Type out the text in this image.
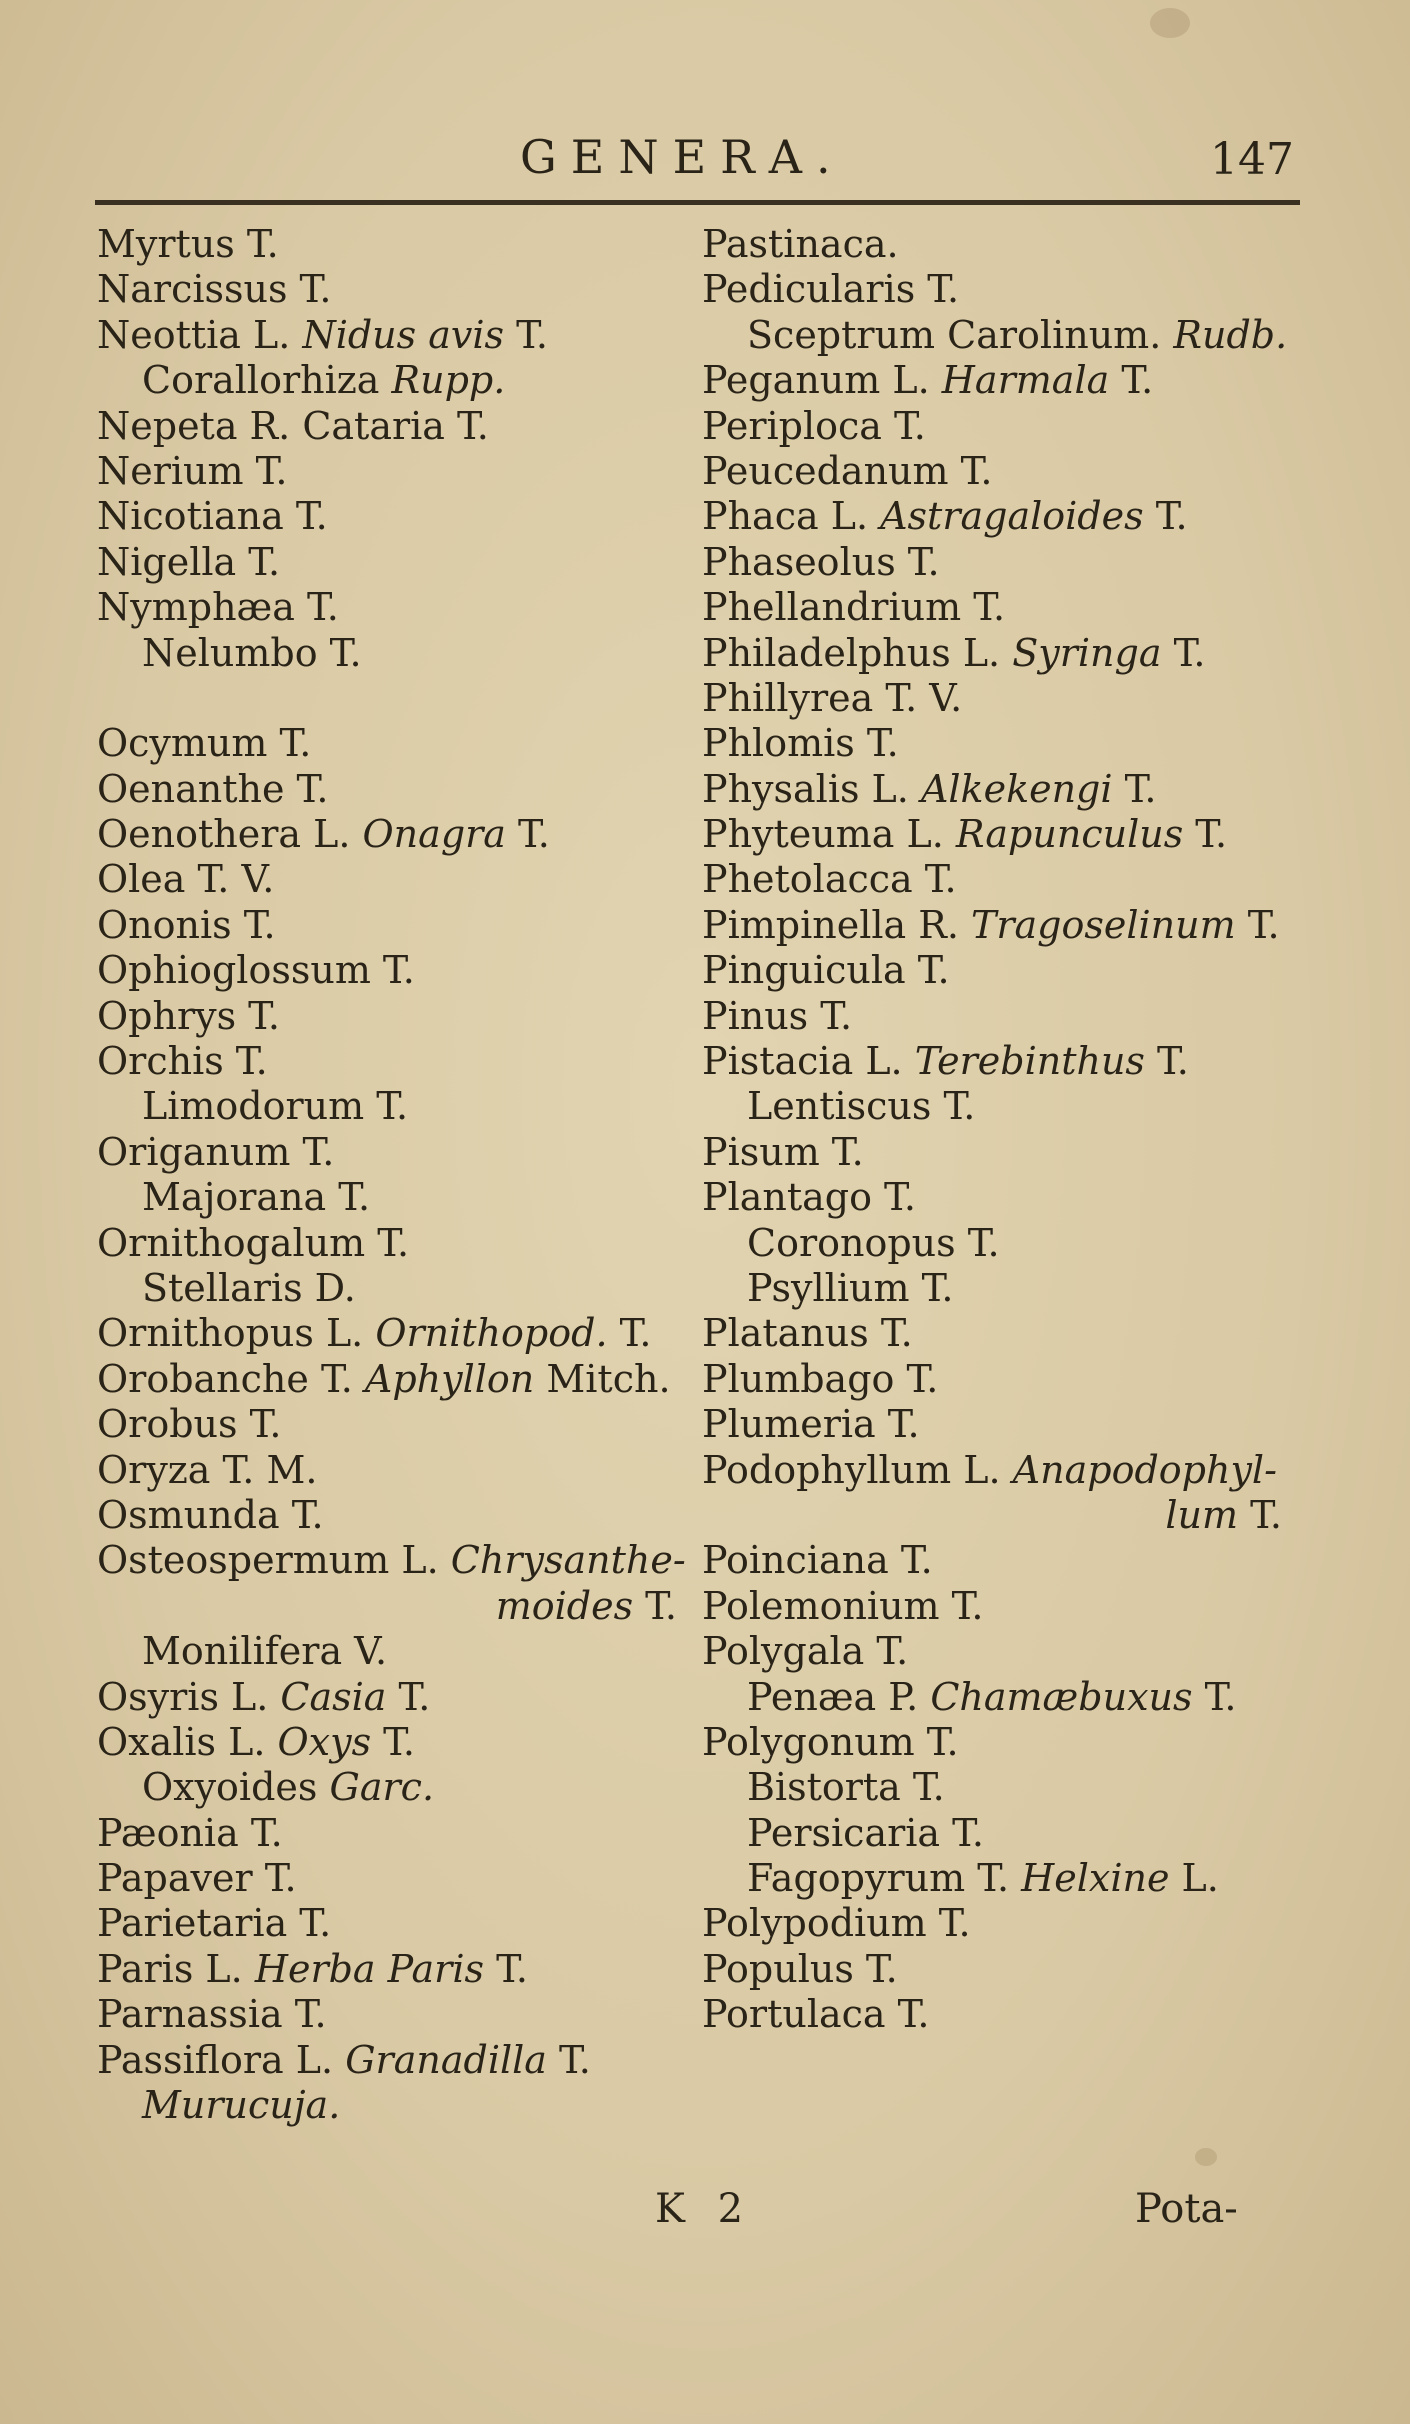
GENERA.	147
Myrtus T.
Narcissus T.
Neottia L. Nidus avis T.
Corallorhiza Rupp.
Nepeta R. Cataria T.
Nerium T.
Nicotiana T.
Nigella T.
Nymphæa T.
Nelumbo T.
Ocymum T.
Oenanthe T.
Oenothera L. Onagra T.
Olea T. V.
Ononis T.
Ophioglossum T.
Ophrys T.
Orchis T.
Limodorum T.
Origanum T.
Majorana T.
Ornithogalum T.
Stellaris D.
Ornithopus L. Ornithopod. T.
Orobanche T. Aphyllon Mitch.
Orobus T.
Oryza T. M.
Osmunda T.
Osteospermum L. Chrysanthe-
moides T.
Monilifera V.
Osyris L. Casia T.
Oxalis L. Oxys T.
Oxyoides Garc.
Pæonia T.
Papaver T.
Parietaria T.
Paris L. Herba Paris T.
Parnassia T.
Passiflora L. Granadilla T.
Murucuja.
Pastinaca.
Pedicularis T.
Sceptrum Carolinum. Rudb.
Peganum L. Harmala T.
Periploca T.
Peucedanum T.
Phaca L. Astragaloides T.
Phaseolus T.
Phellandrium T.
Philadelphus L. Syringa T.
Phillyrea T. V.
Phlomis T.
Physalis L. Alkekengi T.
Phyteuma L. Rapunculus T.
Phetolacca T.
Pimpinella R. Tragoselinum T.
Pinguicula T.
Pinus T.
Pistacia L. Terebinthus T.
Lentiscus T.
Pisum T.
Plantago T.
Coronopus T.
Psyllium T.
Platanus T.
Plumbago T.
Plumeria T.
Podophyllum L. Anapodophyl-
lum T.
Poinciana T.
Polemonium T.
Polygala T.
Penæa P. Chamæbuxus T.
Polygonum T.
Bistorta T.
Persicaria T.
Fagopyrum T. Helxine L.
Polypodium T.
Populus T.
Portulaca T.
K 2	Pota-
